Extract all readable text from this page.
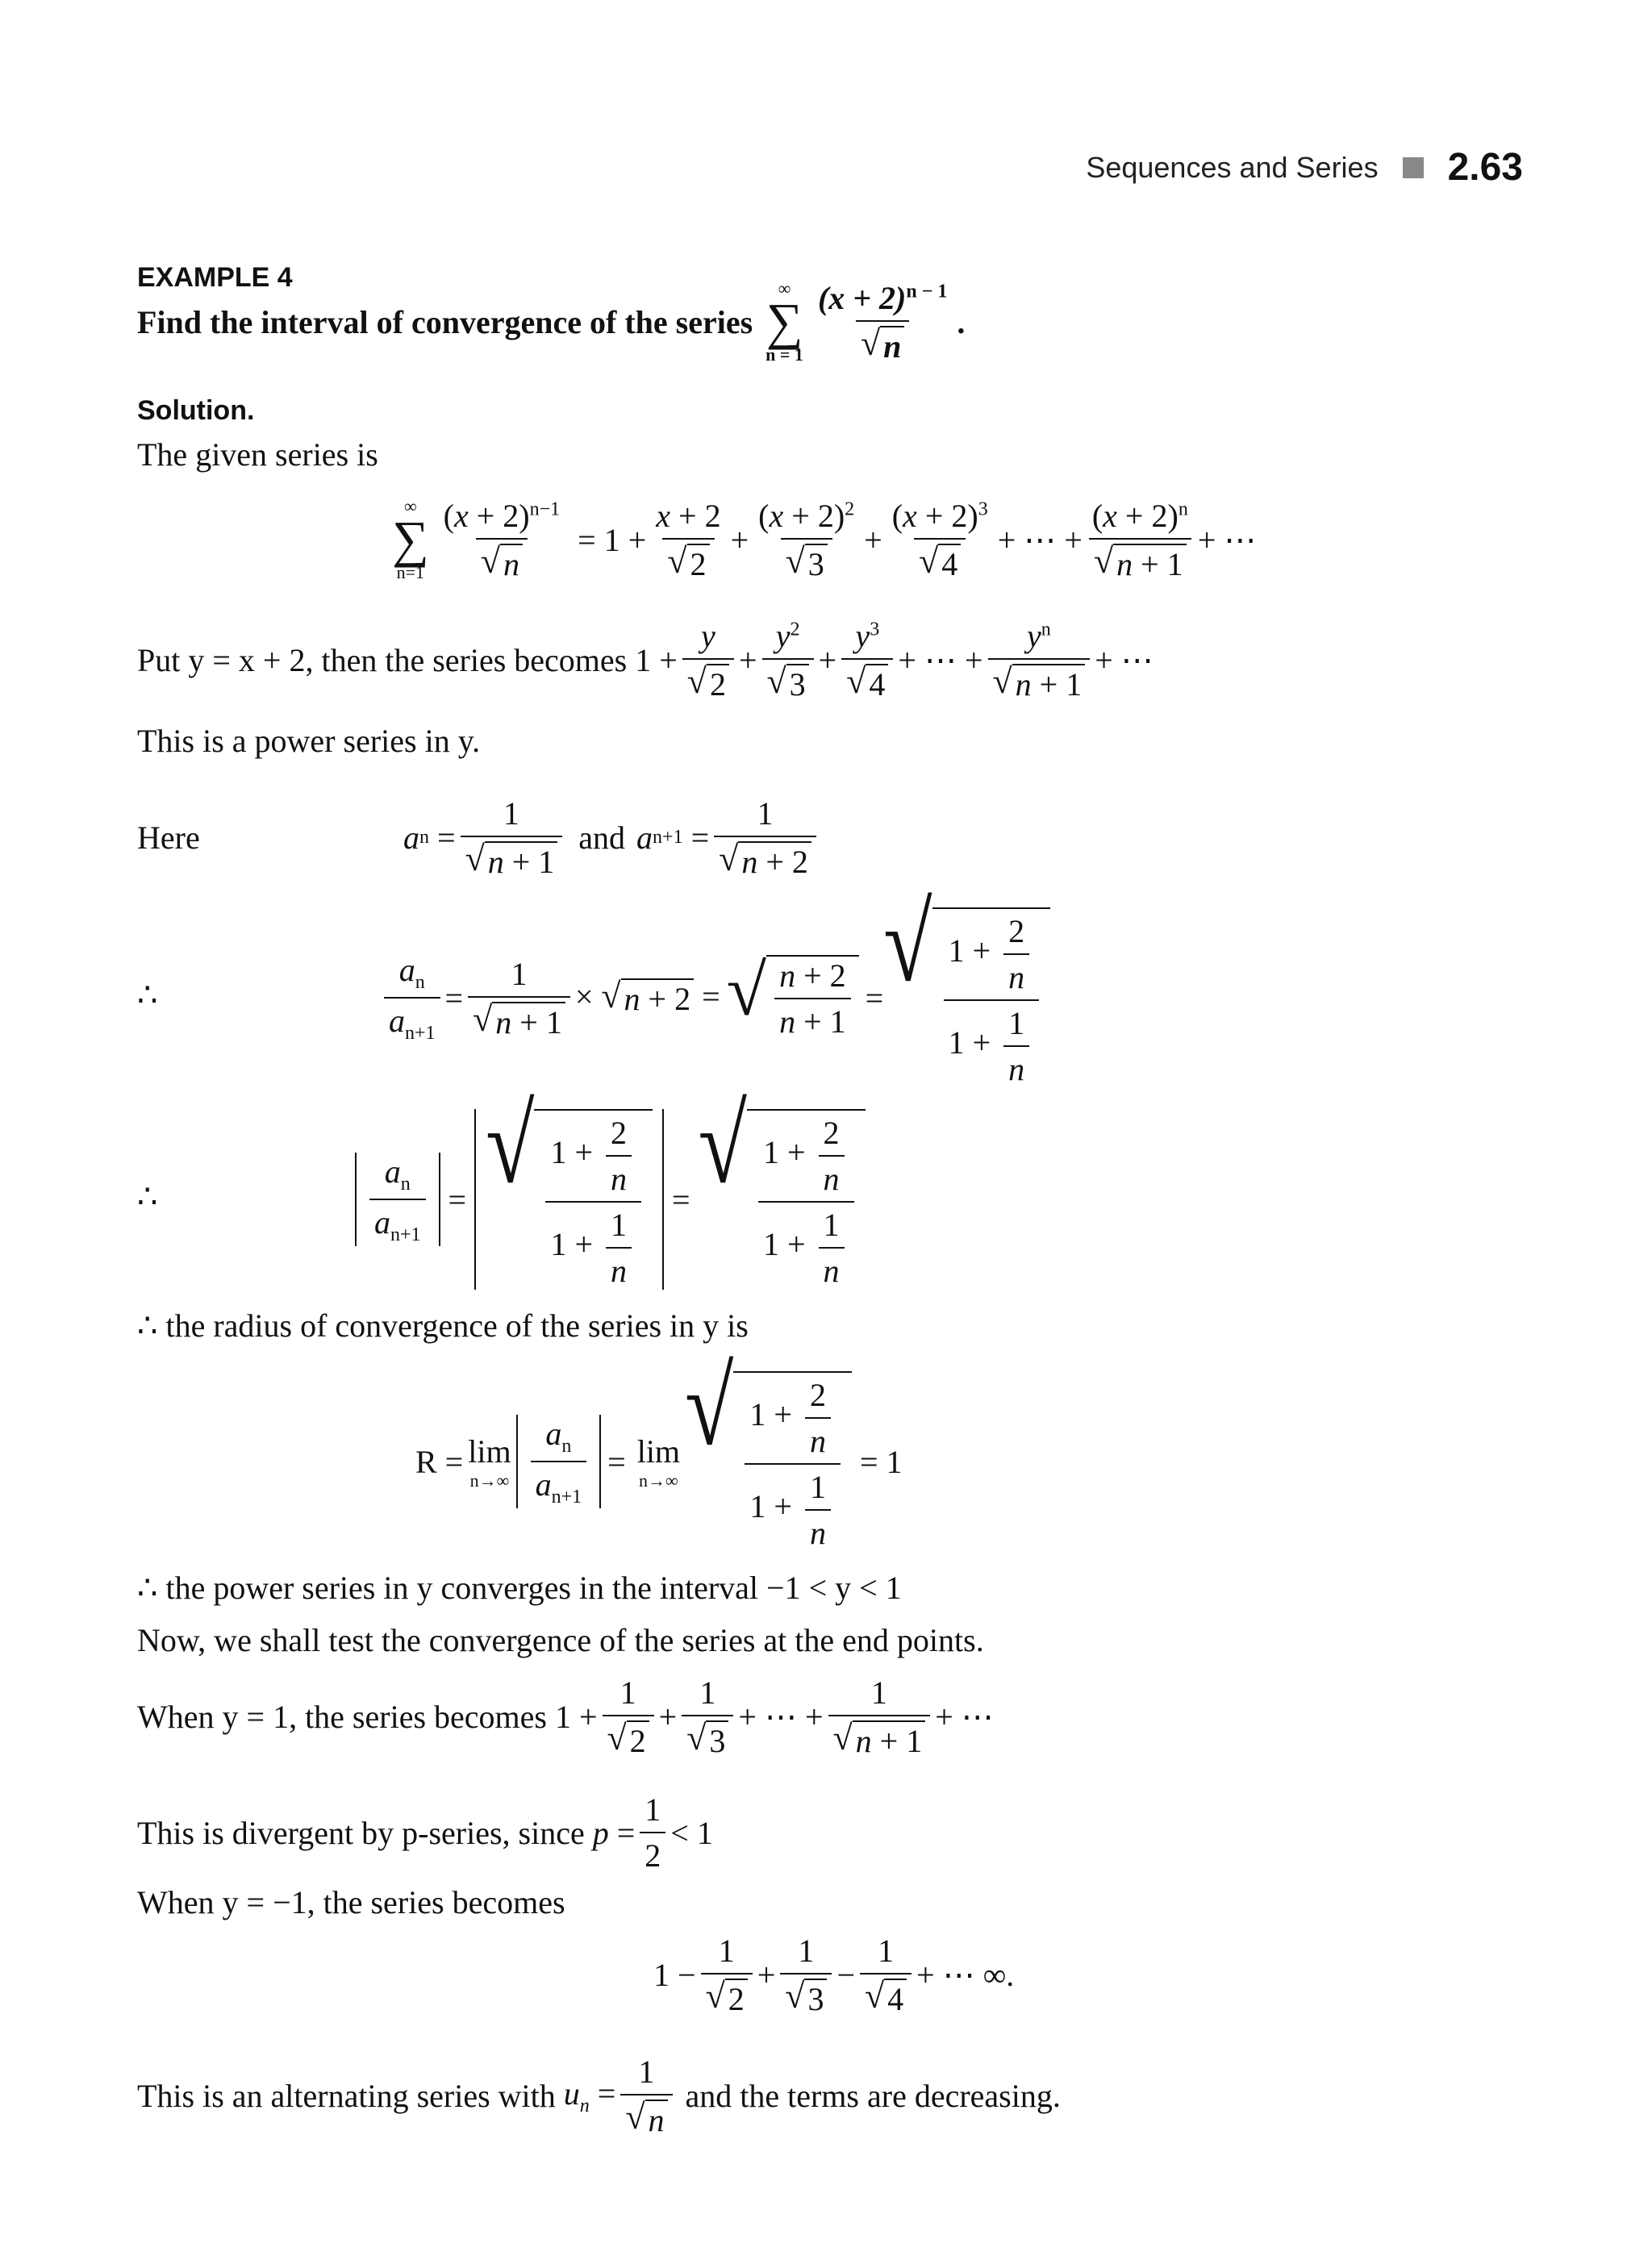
Sequences and Series 2.63
EXAMPLE 4
Find the interval of convergence of the series
∞
∑
$n = 1 \frac{(x + 2)^{n - 1}}{√ n}$ .
Solution.
The given series is
∞
∑
$n=1 \frac{(x + 2)^{n-1}}{√ n} = 1 + \frac{x + 2}{√ 2} + \frac{(x + 2)^2}{√ 3} + \frac{(x + 2)^3}{√ 4}$ + ⋯ + $\frac{(x + 2)^n}{√ n + 1}$ + ⋯
Put y = x + 2, then the series becomes $1 + \frac{y}{√ 2} + \frac{y^2}{√ 3} + \frac{y^3}{√ 4}$ + ⋯ + $\frac{y^n}{√ n + 1}$ + ⋯
This is a power series in y.
Here	a $n = \frac{1}{√ n + 1}$ and a $n+1 = \frac{1}{√ n + 2}$
∴	$\frac{a_n}{a_{n+1}} = \frac{1}{√ n + 1}$ × √ n + 2 = √ $\frac{n + 2}{n + 1}$ = √ $\frac{1 + \frac{2}{n}}{1 + \frac{1}{n}}$
∴	$\frac{a_n}{a_{n+1}}$ = √ $\frac{1 + \frac{2}{n}}{1 + \frac{1}{n}}$ = √ $\frac{1 + \frac{2}{n}}{1 + \frac{1}{n}}$
∴ the radius of convergence of the series in y is
R = lim
$n\to\infty \frac{a_n}{a_{n+1}} = \lim$
n→∞
√ $\frac{1 + \frac{2}{n}}{1 + \frac{1}{n}} = 1$
∴ the power series in y converges in the interval −1 < y < 1
Now, we shall test the convergence of the series at the end points.
When y = 1, the series becomes $1 + \frac{1}{√ 2} + \frac{1}{√ 3}$ + ⋯ + $\frac{1}{√ n + 1}$ + ⋯
This is divergent by p-series, since $p = \frac{1}{2} < 1$
When y = −1, the series becomes
$1 - \frac{1}{√ 2} + \frac{1}{√ 3} - \frac{1}{√ 4}$ + ⋯ ∞.
This is an alternating series with $u_n = \frac{1}{√ n}$ and the terms are decreasing.
